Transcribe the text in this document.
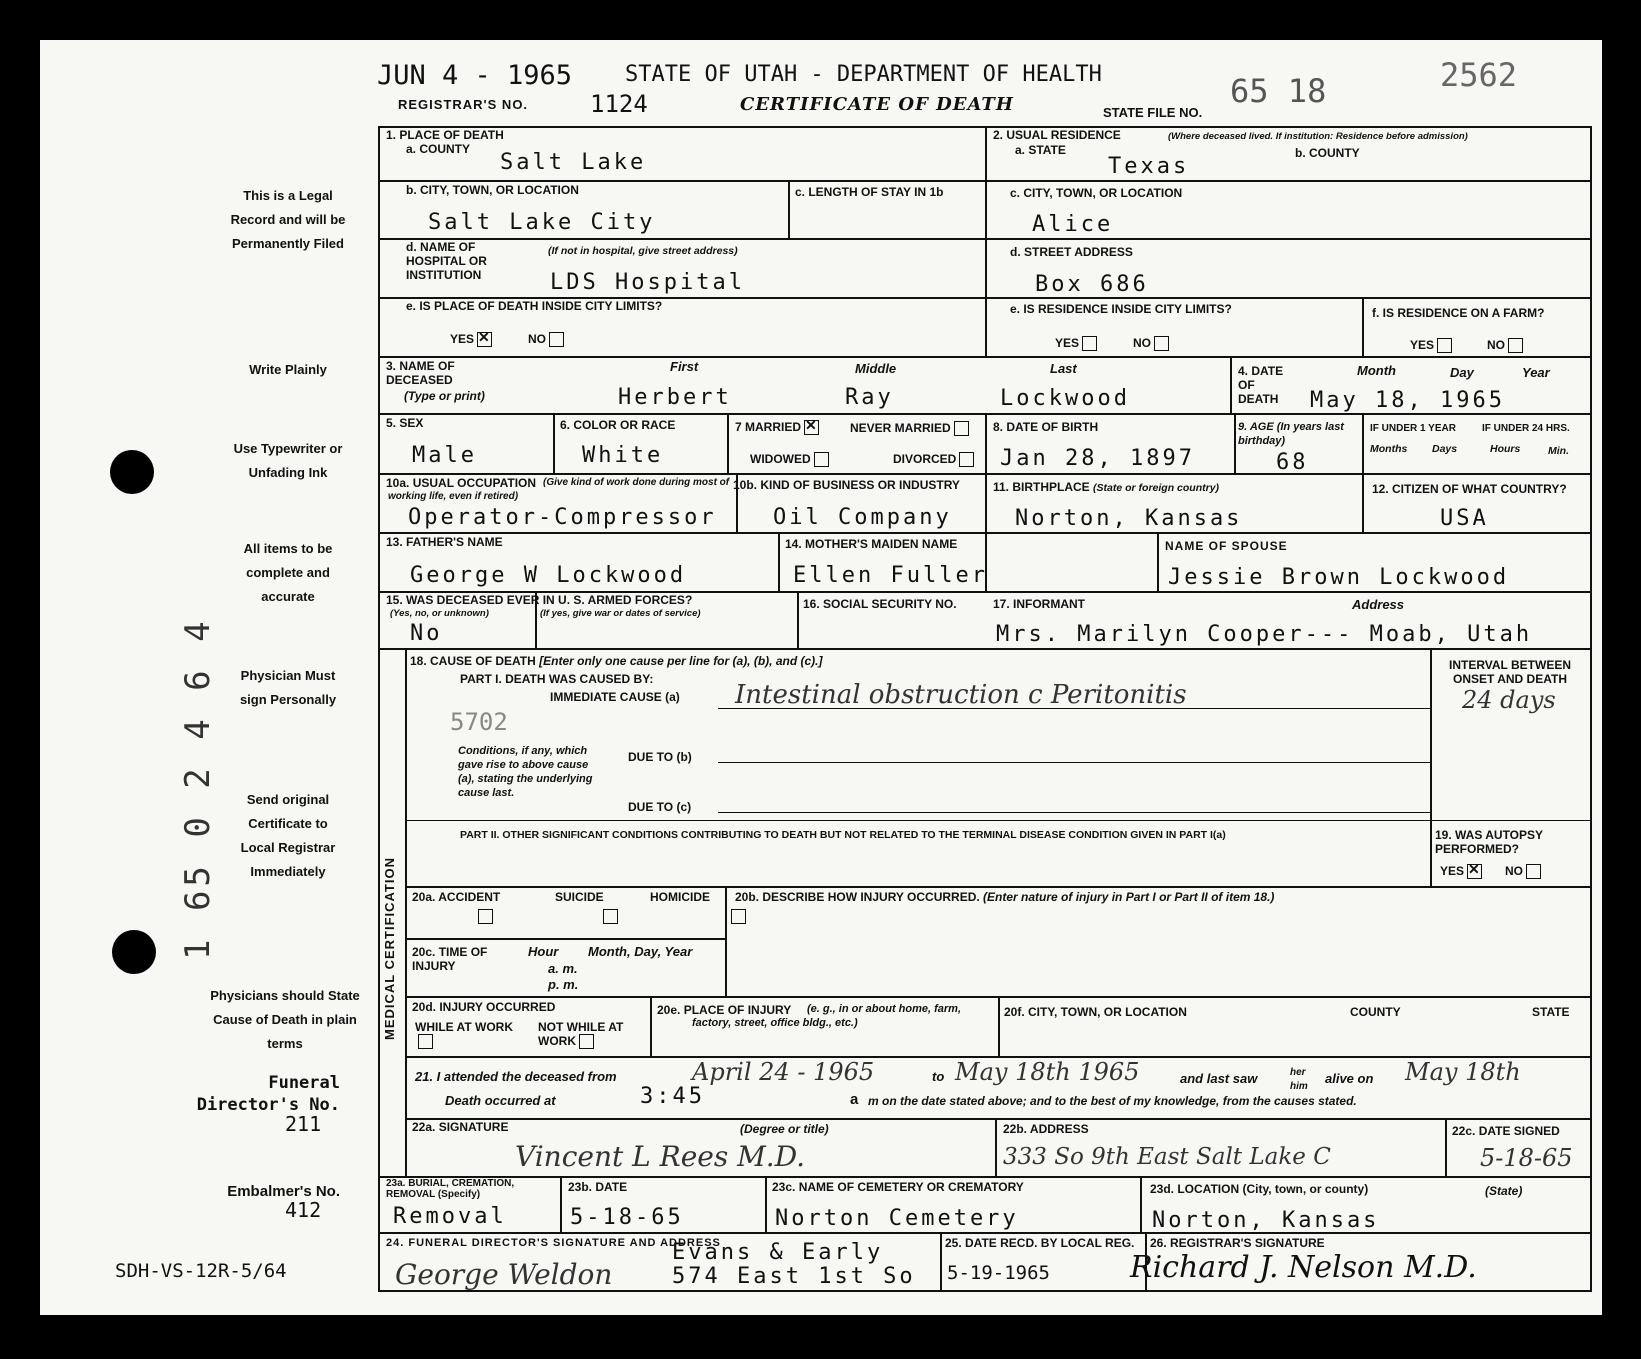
JUN 4 - 1965 STATE OF UTAH - DEPARTMENT OF HEALTH	65 18	2562
REGISTRAR'S NO.	1124	CERTIFICATE OF DEATH	STATE FILE NO.
This is a Legal Record and will be Permanently Filed
Write Plainly
Use Typewriter or Unfading Ink
All items to be complete and accurate
Physician Must sign Personally
Send original Certificate to Local Registrar Immediately
Physicians should State Cause of Death in plain terms
Funeral Director's No.
211
Embalmer's No.
412
SDH-VS-12R-5/64
1 65 0 2 4 6 4
1. PLACE OF DEATH
a. COUNTY
Salt Lake
2. USUAL RESIDENCE	(Where deceased lived. If institution: Residence before admission)
a. STATE	b. COUNTY
Texas
b. CITY, TOWN, OR LOCATION
Salt Lake City
c. LENGTH OF STAY IN 1b	c. CITY, TOWN, OR LOCATION
Alice
d. NAME OF HOSPITAL OR INSTITUTION
(If not in hospital, give street address)
LDS Hospital
d. STREET ADDRESS
Box 686
e. IS PLACE OF DEATH INSIDE CITY LIMITS?
YES ✕	NO
e. IS RESIDENCE INSIDE CITY LIMITS?
YES	NO
f. IS RESIDENCE ON A FARM?
YES	NO
3. NAME OF DECEASED
(Type or print)
First	Middle	Last
Herbert	Ray	Lockwood
4. DATE OF DEATH
Month	Day	Year
May 18, 1965
5. SEX
Male
6. COLOR OR RACE
White
7 MARRIED ✕	NEVER MARRIED
WIDOWED	DIVORCED
8. DATE OF BIRTH
Jan 28, 1897
9. AGE (In years last birthday)
68
IF UNDER 1 YEAR	IF UNDER 24 HRS.
Months Days	Hours	Min.
10a. USUAL OCCUPATION (Give kind of work done during most of working life, even if retired)
Operator-Compressor
10b. KIND OF BUSINESS OR INDUSTRY
Oil Company
11. BIRTHPLACE (State or foreign country)
Norton, Kansas
12. CITIZEN OF WHAT COUNTRY?
USA
13. FATHER'S NAME
George W Lockwood
14. MOTHER'S MAIDEN NAME
Ellen Fuller
NAME OF SPOUSE
Jessie Brown Lockwood
15. WAS DECEASED EVER IN U. S. ARMED FORCES?
(Yes, no, or unknown)	(If yes, give war or dates of service)
No
16. SOCIAL SECURITY NO.	17. INFORMANT	Address
Mrs. Marilyn Cooper--- Moab, Utah
MEDICAL CERTIFICATION
18. CAUSE OF DEATH [Enter only one cause per line for (a), (b), and (c).]
PART I. DEATH WAS CAUSED BY:
IMMEDIATE CAUSE (a) Intestinal obstruction c Peritonitis
5702
INTERVAL BETWEEN ONSET AND DEATH
24 days
Conditions, if any, which gave rise to above cause (a), stating the underlying cause last.
DUE TO (b)
DUE TO (c)
PART II. OTHER SIGNIFICANT CONDITIONS CONTRIBUTING TO DEATH BUT NOT RELATED TO THE TERMINAL DISEASE CONDITION GIVEN IN PART I(a)	19. WAS AUTOPSY PERFORMED?
YES ✕	NO
20a. ACCIDENT	SUICIDE	HOMICIDE
20b. DESCRIBE HOW INJURY OCCURRED. (Enter nature of injury in Part I or Part II of item 18.)
20c. TIME OF INJURY
Hour
a. m.
p. m.
Month, Day, Year
20d. INJURY OCCURRED
WHILE AT WORK NOT WHILE AT WORK
20e. PLACE OF INJURY	(e. g., in or about home, farm, factory, street, office bldg., etc.)
20f. CITY, TOWN, OR LOCATION	COUNTY	STATE
21. I attended the deceased from	April 24 - 1965	to May 18th 1965	and last saw	her him
alive on May 18th
Death occurred at	3:45	a m on the date stated above; and to the best of my knowledge, from the causes stated.
22a. SIGNATURE	(Degree or title)
Vincent L Rees M.D.
22b. ADDRESS
333 So 9th East Salt Lake C
22c. DATE SIGNED
5-18-65
23a. BURIAL, CREMATION, REMOVAL (Specify)
Removal
23b. DATE
5-18-65
23c. NAME OF CEMETERY OR CREMATORY
Norton Cemetery
23d. LOCATION (City, town, or county)	(State)
Norton, Kansas
24. FUNERAL DIRECTOR'S SIGNATURE AND ADDRESS
George Weldon
Evans & Early
574 East 1st So
25. DATE RECD. BY LOCAL REG.
5-19-1965
26. REGISTRAR'S SIGNATURE
Richard J. Nelson M.D.
